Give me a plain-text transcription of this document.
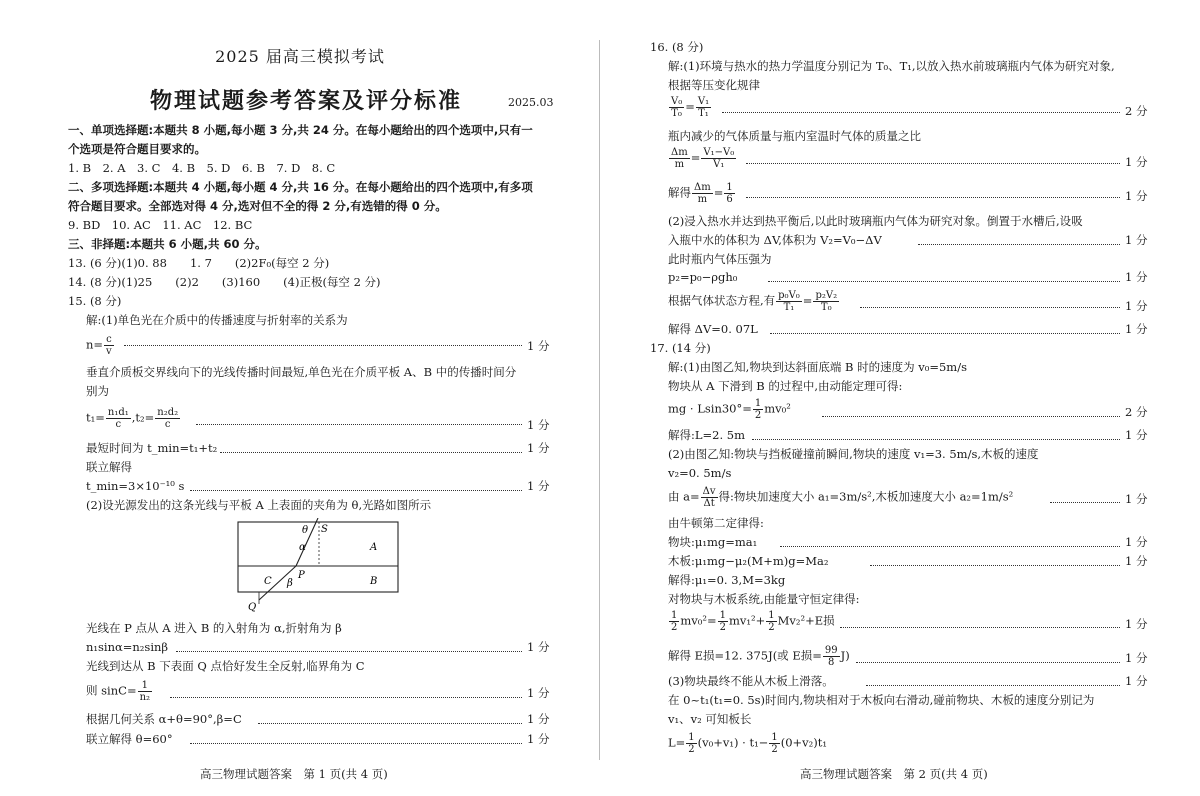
2025 届高三模拟考试
物理试题参考答案及评分标准	2025.03
一、单项选择题:本题共 8 小题,每小题 3 分,共 24 分。在每小题给出的四个选项中,只有一
个选项是符合题目要求的。
1. B　2. A　3. C　4. B　5. D　6. B　7. D　8. C
二、多项选择题:本题共 4 小题,每小题 4 分,共 16 分。在每小题给出的四个选项中,有多项
符合题目要求。全部选对得 4 分,选对但不全的得 2 分,有选错的得 0 分。
9. BD　10. AC　11. AC　12. BC
三、非择题:本题共 6 小题,共 60 分。
13. (6 分)(1)0. 88　　1. 7　　(2)2F₀(每空 2 分)
14. (8 分)(1)25　　(2)2　　(3)160　　(4)正极(每空 2 分)
15. (8 分)
解:(1)单色光在介质中的传播速度与折射率的关系为
$n= \frac{c}{v}$	1 分
垂直介质板交界线向下的光线传播时间最短,单色光在介质平板 A、B 中的传播时间分
别为
$t_1= \frac{\text{n₁d₁}}{c} ,t_2= \frac{\text{n₂d₂}}{c}$	1 分
最短时间为 t_min=t₁+t₂	1 分
联立解得
t_min=3×10⁻¹⁰ s	1 分
(2)设光源发出的这条光线与平板 A 上表面的夹角为 θ,光路如图所示
θ S
α	A
P
C β	B
Q
光线在 P 点从 A 进入 B 的入射角为 α,折射角为 β
n₁sinα=n₂sinβ	1 分
光线到达从 B 下表面 Q 点恰好发生全反射,临界角为 C
则 $\sin C= \frac{1}{\text{n₂}}$	1 分
根据几何关系 α+θ=90°,β=C	1 分
联立解得 θ=60°	1 分
高三物理试题答案　第 1 页(共 4 页)
16. (8 分)
解:(1)环境与热水的热力学温度分别记为 T₀、T₁,以放入热水前玻璃瓶内气体为研究对象,
根据等压变化规律
$\frac{\text{V₀}}{\text{T₀}} = \frac{\text{V₁}}{\text{T₁}}$	2 分
瓶内减少的气体质量与瓶内室温时气体的质量之比
$\frac{\Delta m}{m} = \frac{\text{V₁−V₀}}{\text{V₁}}$	1 分
解得 $\frac{\Delta m}{m} = \frac{1}{6}$	1 分
(2)浸入热水并达到热平衡后,以此时玻璃瓶内气体为研究对象。倒置于水槽后,设吸
入瓶中水的体积为 ΔV,体积为 V₂=V₀−ΔV	1 分
此时瓶内气体压强为
p₂=p₀−ρgh₀	1 分
根据气体状态方程,有 $\frac{\text{p₀V₀}}{\text{T₁}} = \frac{\text{p₂V₂}}{\text{T₀}}$	1 分
解得 ΔV=0. 07L	1 分
17. (14 分)
解:(1)由图乙知,物块到达斜面底端 B 时的速度为 v₀=5m/s
物块从 A 下滑到 B 的过程中,由动能定理可得:
mg · $Lsin30^\circ= \frac{1}{2} mv_0^2$	2 分
解得:L=2. 5m	1 分
(2)由图乙知:物块与挡板碰撞前瞬间,物块的速度 v₁=3. 5m/s,木板的速度
v₂=0. 5m/s
由 $a= \frac{\Delta v}{\Delta t}$ 得:物块加速度大小 a₁=3m/s²,木板加速度大小 a₂=1m/s²	1 分
由牛顿第二定律得:
物块:μ₁mg=ma₁	1 分
木板:μ₁mg−μ₂(M+m)g=Ma₂	1 分
解得:μ₁=0. 3,M=3kg
对物块与木板系统,由能量守恒定律得:
$\frac{1}{2} mv_0^2= \frac{1}{2} mv_1^2+ \frac{1}{2} Mv_2^2+E$损	1 分
解得 E损=12. 375J(或 E损= $\frac{99}{8} J$)	1 分
(3)物块最终不能从木板上滑落。	1 分
在 0~t₁(t₁=0. 5s)时间内,物块相对于木板向右滑动,碰前物块、木板的速度分别记为
v₁、v₂ 可知板长
$L= \frac{1}{2} (v_0+v_1) \cdot t_1- \frac{1}{2} (0+v_2)t_1$
高三物理试题答案　第 2 页(共 4 页)
